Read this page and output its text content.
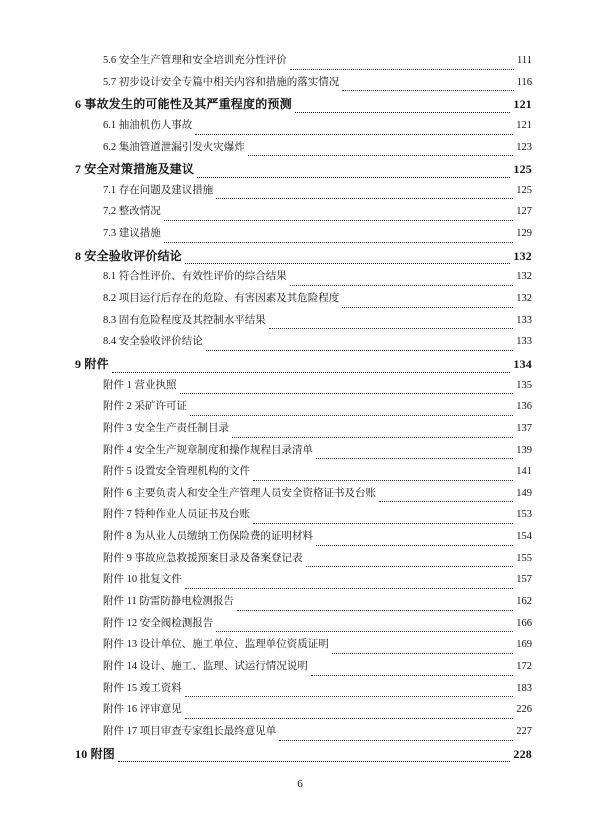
5.6 安全生产管理和安全培训充分性评价	111
5.7 初步设计安全专篇中相关内容和措施的落实情况	116
6 事故发生的可能性及其严重程度的预测	121
6.1 抽油机伤人事故	121
6.2 集油管道泄漏引发火灾爆炸	123
7 安全对策措施及建议	125
7.1 存在问题及建议措施	125
7.2 整改情况	127
7.3 建议措施	129
8 安全验收评价结论	132
8.1 符合性评价、有效性评价的综合结果	132
8.2 项目运行后存在的危险、有害因素及其危险程度	132
8.3 固有危险程度及其控制水平结果	133
8.4 安全验收评价结论	133
9 附件	134
附件 1 营业执照	135
附件 2 采矿许可证	136
附件 3 安全生产责任制目录	137
附件 4 安全生产规章制度和操作规程目录清单	139
附件 5 设置安全管理机构的文件	141
附件 6 主要负责人和安全生产管理人员安全资格证书及台账	149
附件 7 特种作业人员证书及台账	153
附件 8 为从业人员缴纳工伤保险费的证明材料	154
附件 9 事故应急救援预案目录及备案登记表	155
附件 10 批复文件	157
附件 11 防雷防静电检测报告	162
附件 12 安全阀检测报告	166
附件 13 设计单位、施工单位、监理单位资质证明	169
附件 14 设计、施工、监理、试运行情况说明	172
附件 15 竣工资料	183
附件 16 评审意见	226
附件 17 项目审查专家组长最终意见单	227
10 附图	228
6
